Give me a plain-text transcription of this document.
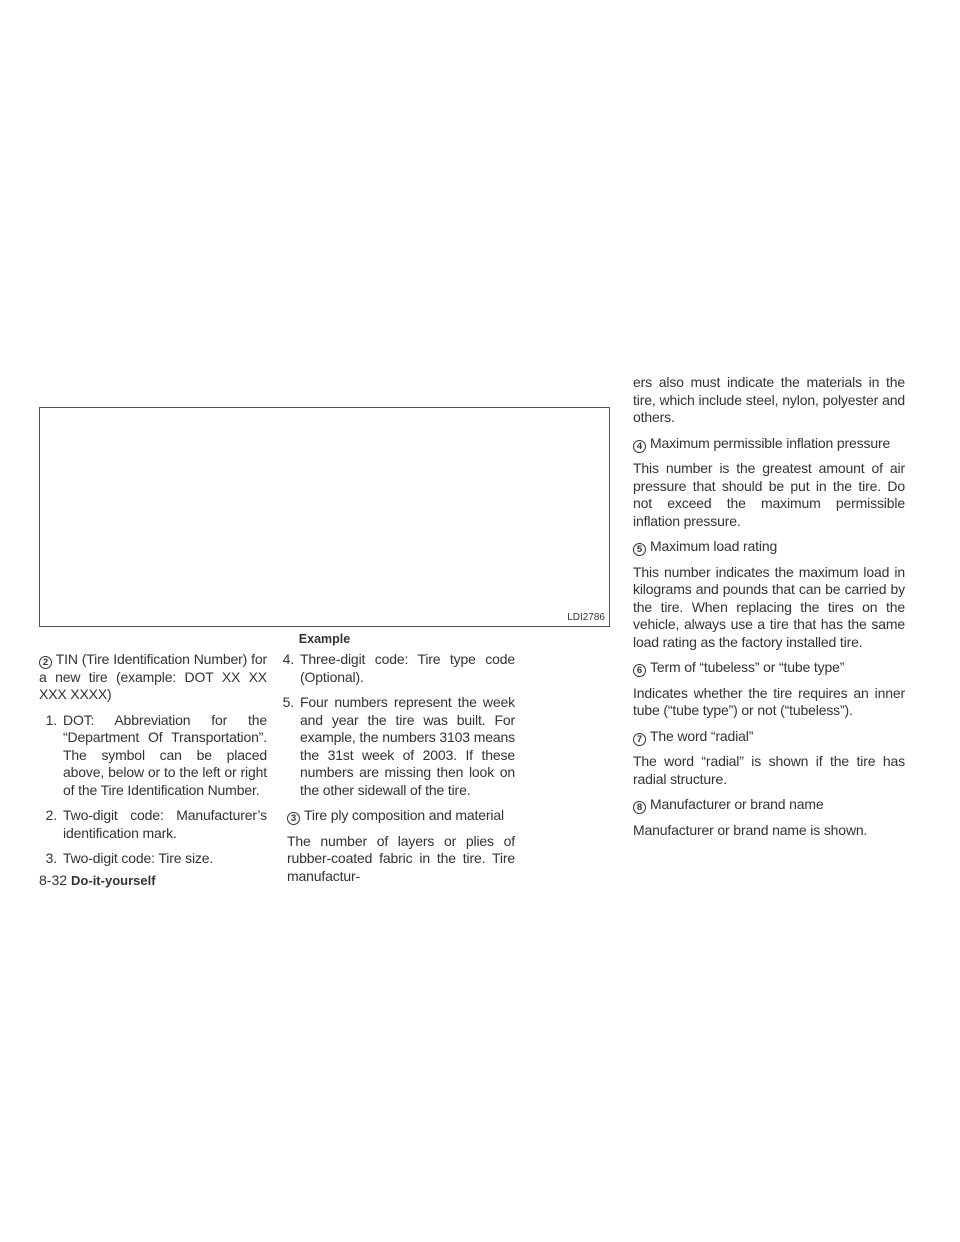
LDI2786
Example
2 TIN (Tire Identification Number) for a new tire (example: DOT XX XX XXX XXXX)
1. DOT: Abbreviation for the “Department Of Transportation”. The symbol can be placed above, below or to the left or right of the Tire Identification Number.
2. Two-digit code: Manufacturer’s identification mark.
3. Two-digit code: Tire size.
4. Three-digit code: Tire type code (Optional).
5. Four numbers represent the week and year the tire was built. For example, the numbers 3103 means the 31st week of 2003. If these numbers are missing then look on the other sidewall of the tire.
3 Tire ply composition and material

The number of layers or plies of rubber-coated fabric in the tire. Tire manufactur-

ers also must indicate the materials in the tire, which include steel, nylon, polyester and others.

4 Maximum permissible inflation pressure

This number is the greatest amount of air pressure that should be put in the tire. Do not exceed the maximum permissible inflation pressure.

5 Maximum load rating

This number indicates the maximum load in kilograms and pounds that can be carried by the tire. When replacing the tires on the vehicle, always use a tire that has the same load rating as the factory installed tire.

6 Term of “tubeless” or “tube type”

Indicates whether the tire requires an inner tube (“tube type”) or not (“tubeless”).

7 The word “radial”

The word “radial” is shown if the tire has radial structure.

8 Manufacturer or brand name

Manufacturer or brand name is shown.

8-32 Do-it-yourself
